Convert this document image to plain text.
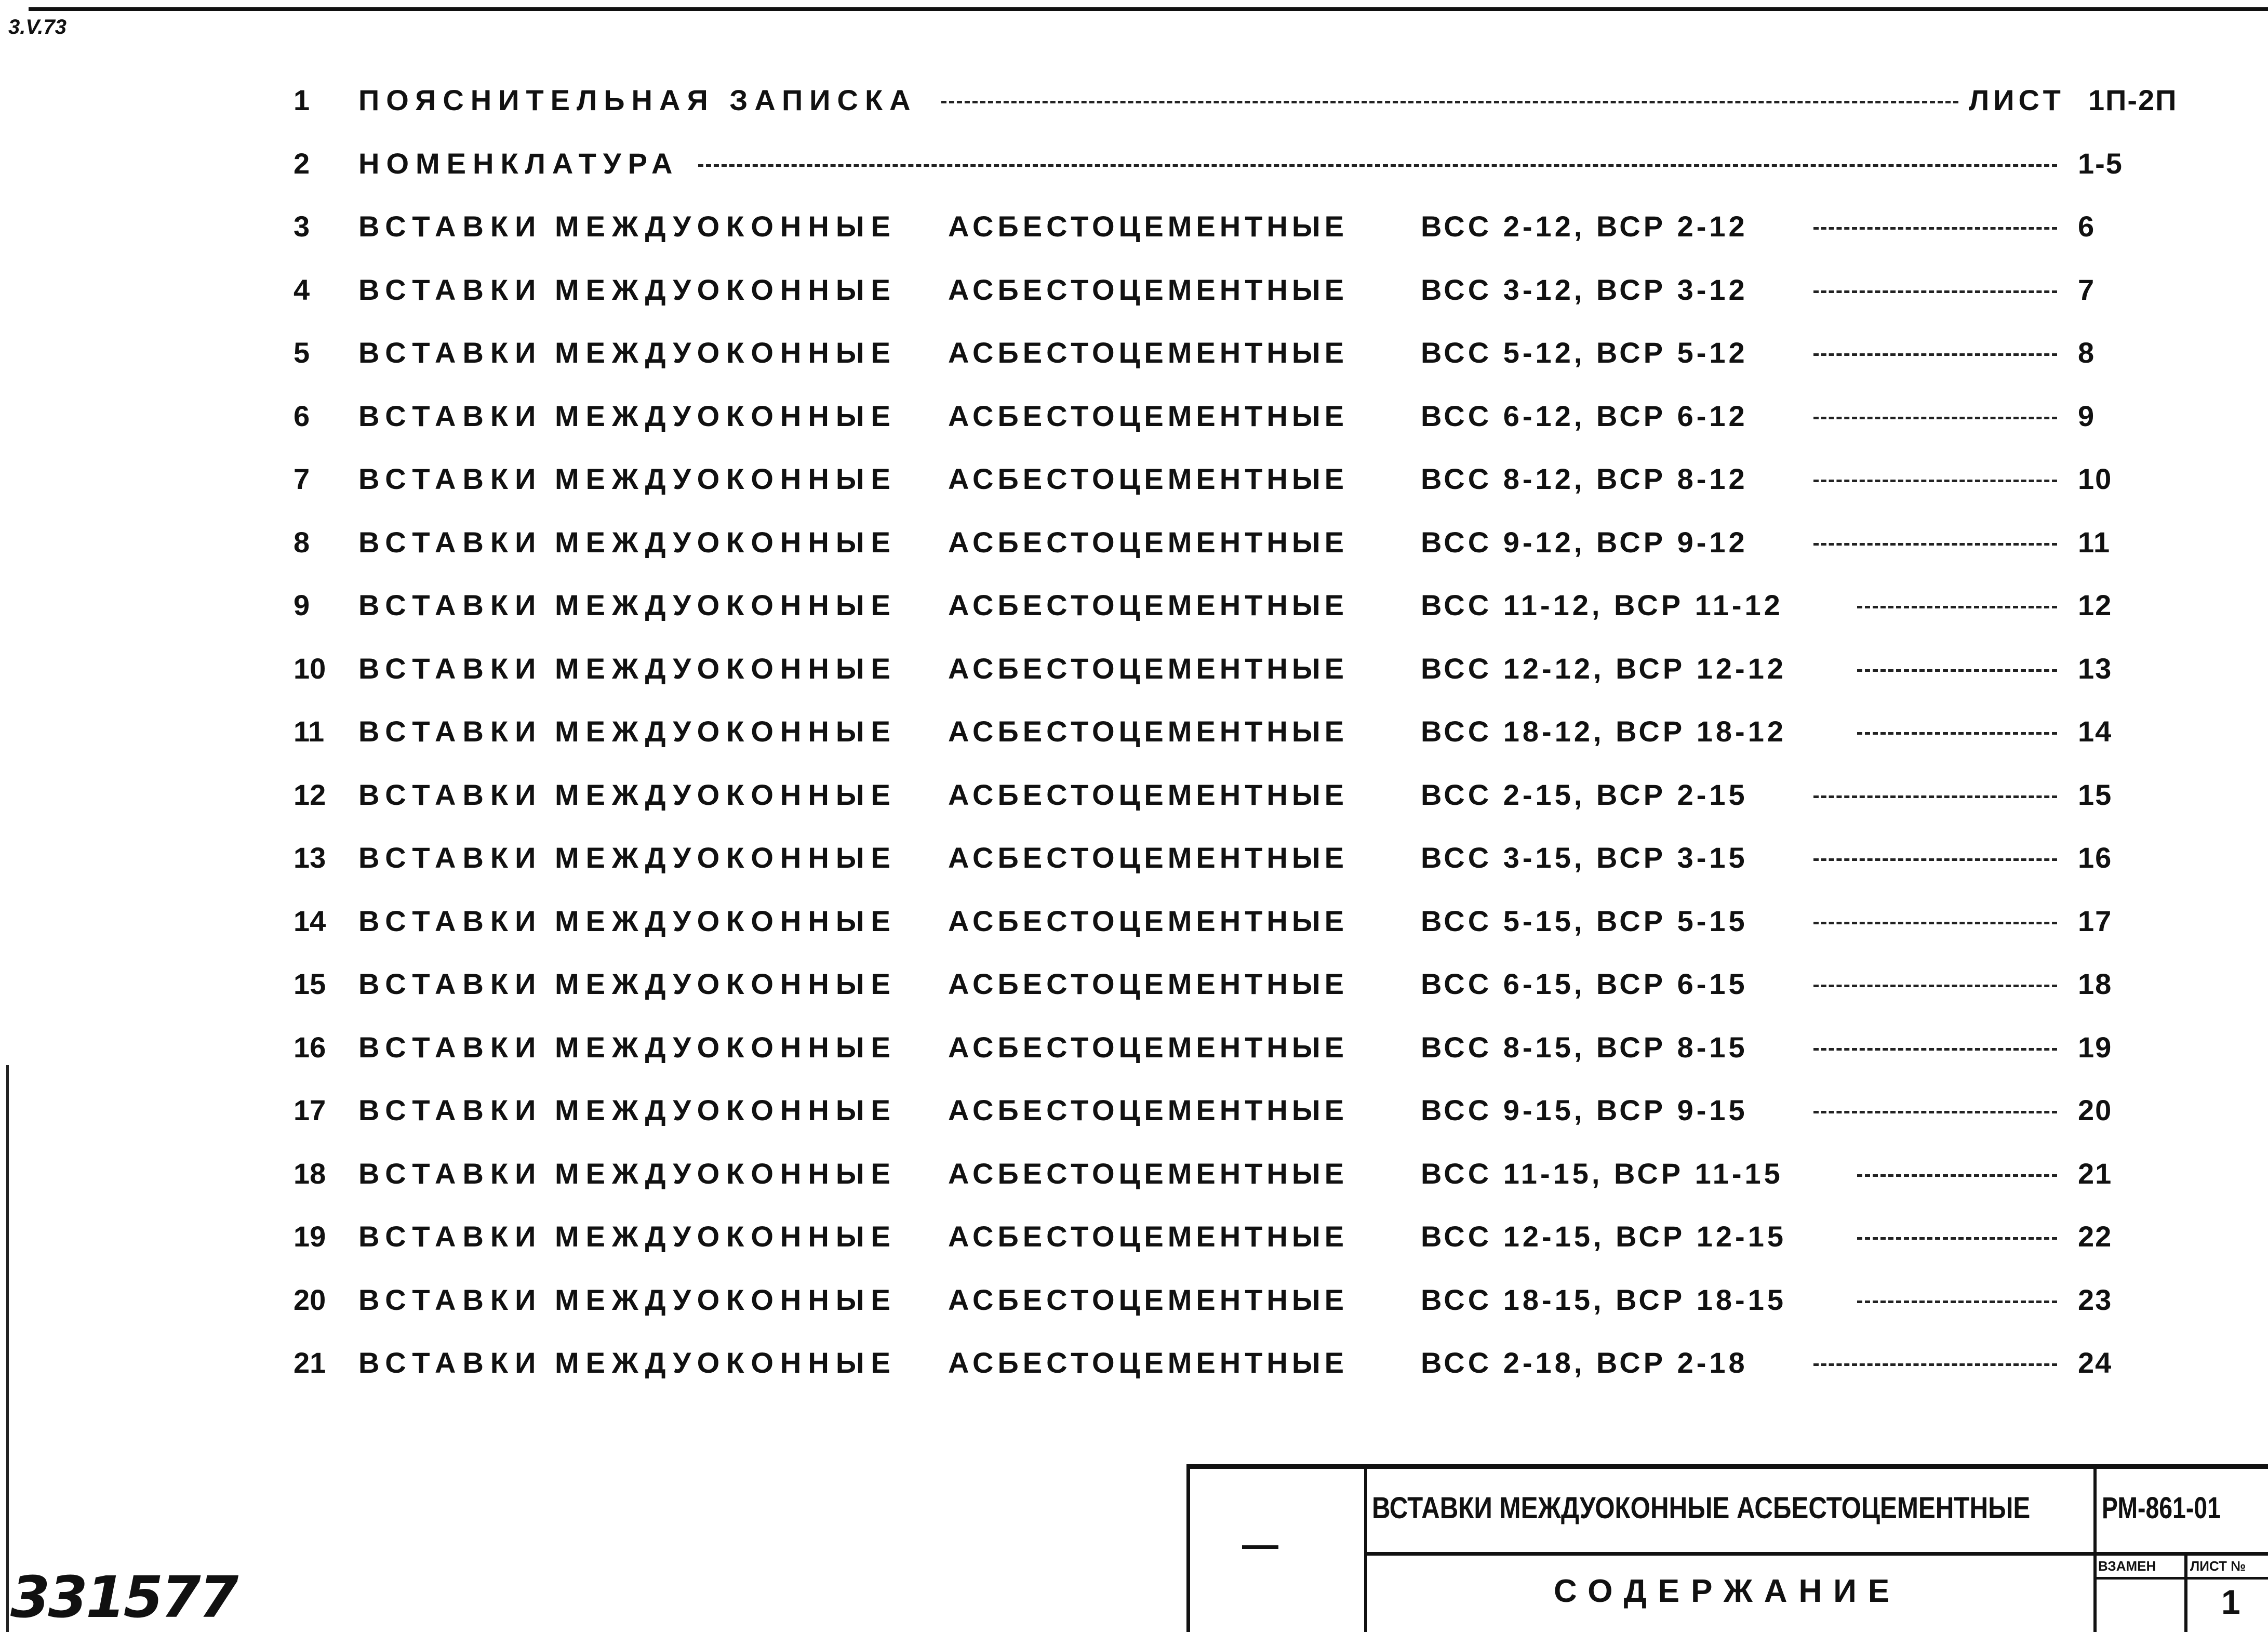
3.V.73
331577
1 ПОЯСНИТЕЛЬНАЯ ЗАПИСКА	ЛИСТ 1П-2П
2 НОМЕНКЛАТУРА	1-5
3 ВСТАВКИ МЕЖДУОКОННЫЕ АСБЕСТОЦЕМЕНТНЫЕ ВСС 2-12, ВСР 2-12	6
4 ВСТАВКИ МЕЖДУОКОННЫЕ АСБЕСТОЦЕМЕНТНЫЕ ВСС 3-12, ВСР 3-12	7
5 ВСТАВКИ МЕЖДУОКОННЫЕ АСБЕСТОЦЕМЕНТНЫЕ ВСС 5-12, ВСР 5-12	8
6 ВСТАВКИ МЕЖДУОКОННЫЕ АСБЕСТОЦЕМЕНТНЫЕ ВСС 6-12, ВСР 6-12	9
7 ВСТАВКИ МЕЖДУОКОННЫЕ АСБЕСТОЦЕМЕНТНЫЕ ВСС 8-12, ВСР 8-12	10
8 ВСТАВКИ МЕЖДУОКОННЫЕ АСБЕСТОЦЕМЕНТНЫЕ ВСС 9-12, ВСР 9-12	11
9 ВСТАВКИ МЕЖДУОКОННЫЕ АСБЕСТОЦЕМЕНТНЫЕ ВСС 11-12, ВСР 11-12	12
10 ВСТАВКИ МЕЖДУОКОННЫЕ АСБЕСТОЦЕМЕНТНЫЕ ВСС 12-12, ВСР 12-12	13
11 ВСТАВКИ МЕЖДУОКОННЫЕ АСБЕСТОЦЕМЕНТНЫЕ ВСС 18-12, ВСР 18-12	14
12 ВСТАВКИ МЕЖДУОКОННЫЕ АСБЕСТОЦЕМЕНТНЫЕ ВСС 2-15, ВСР 2-15	15
13 ВСТАВКИ МЕЖДУОКОННЫЕ АСБЕСТОЦЕМЕНТНЫЕ ВСС 3-15, ВСР 3-15	16
14 ВСТАВКИ МЕЖДУОКОННЫЕ АСБЕСТОЦЕМЕНТНЫЕ ВСС 5-15, ВСР 5-15	17
15 ВСТАВКИ МЕЖДУОКОННЫЕ АСБЕСТОЦЕМЕНТНЫЕ ВСС 6-15, ВСР 6-15	18
16 ВСТАВКИ МЕЖДУОКОННЫЕ АСБЕСТОЦЕМЕНТНЫЕ ВСС 8-15, ВСР 8-15	19
17 ВСТАВКИ МЕЖДУОКОННЫЕ АСБЕСТОЦЕМЕНТНЫЕ ВСС 9-15, ВСР 9-15	20
18 ВСТАВКИ МЕЖДУОКОННЫЕ АСБЕСТОЦЕМЕНТНЫЕ ВСС 11-15, ВСР 11-15	21
19 ВСТАВКИ МЕЖДУОКОННЫЕ АСБЕСТОЦЕМЕНТНЫЕ ВСС 12-15, ВСР 12-15	22
20 ВСТАВКИ МЕЖДУОКОННЫЕ АСБЕСТОЦЕМЕНТНЫЕ ВСС 18-15, ВСР 18-15	23
21 ВСТАВКИ МЕЖДУОКОННЫЕ АСБЕСТОЦЕМЕНТНЫЕ ВСС 2-18, ВСР 2-18	24
—
ВСТАВКИ МЕЖДУОКОННЫЕ АСБЕСТОЦЕМЕНТНЫЕ РМ-861-01
СОДЕРЖАНИЕ
ВЗАМЕН	ЛИСТ №
1
